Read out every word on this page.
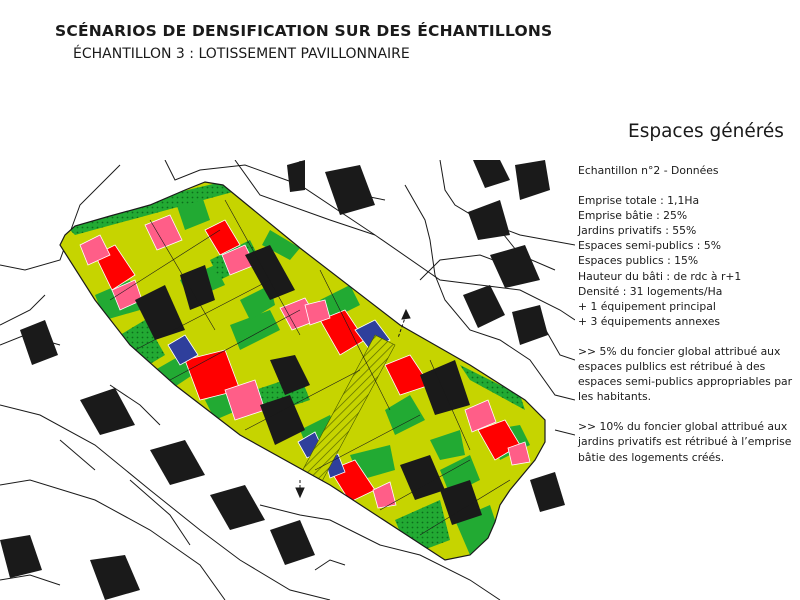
SCÉNARIOS DE DENSIFICATION SUR DES ÉCHANTILLONS
ÉCHANTILLON 3 : LOTISSEMENT PAVILLONNAIRE
Espaces générés
Echantillon n°2 - Données
Emprise totale : 1,1Ha
Emprise bâtie : 25%
Jardins privatifs : 55%
Espaces semi-publics : 5%
Espaces publics : 15%
Hauteur du bâti : de rdc à r+1
Densité : 31 logements/Ha
+ 1 équipement principal
+ 3 équipements annexes
>> 5% du foncier global attribué aux espaces pulblics est rétribué à des espaces semi-publics appropriables par les habitants.
>> 10% du foncier global attribué aux jardins privatifs est rétribué à l’emprise bâtie des logements créés.
